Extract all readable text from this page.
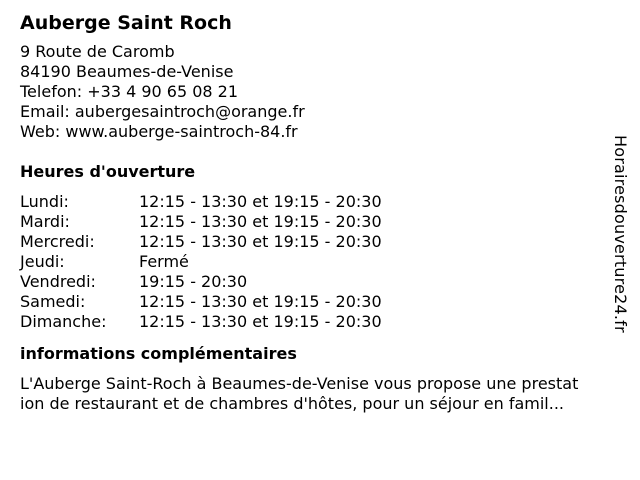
Auberge Saint Roch
9 Route de Caromb
84190 Beaumes-de-Venise
Telefon: +33 4 90 65 08 21
Email: aubergesaintroch@orange.fr
Web: www.auberge-saintroch-84.fr
Heures d'ouverture
Lundi:	12:15 - 13:30 et 19:15 - 20:30
Mardi:	12:15 - 13:30 et 19:15 - 20:30
Mercredi:	12:15 - 13:30 et 19:15 - 20:30
Jeudi:	Fermé
Vendredi:	19:15 - 20:30
Samedi:	12:15 - 13:30 et 19:15 - 20:30
Dimanche:	12:15 - 13:30 et 19:15 - 20:30
informations complémentaires
L'Auberge Saint-Roch à Beaumes-de-Venise vous propose une prestat
ion de restaurant et de chambres d'hôtes, pour un séjour en famil...
Horairesdouverture24.fr
